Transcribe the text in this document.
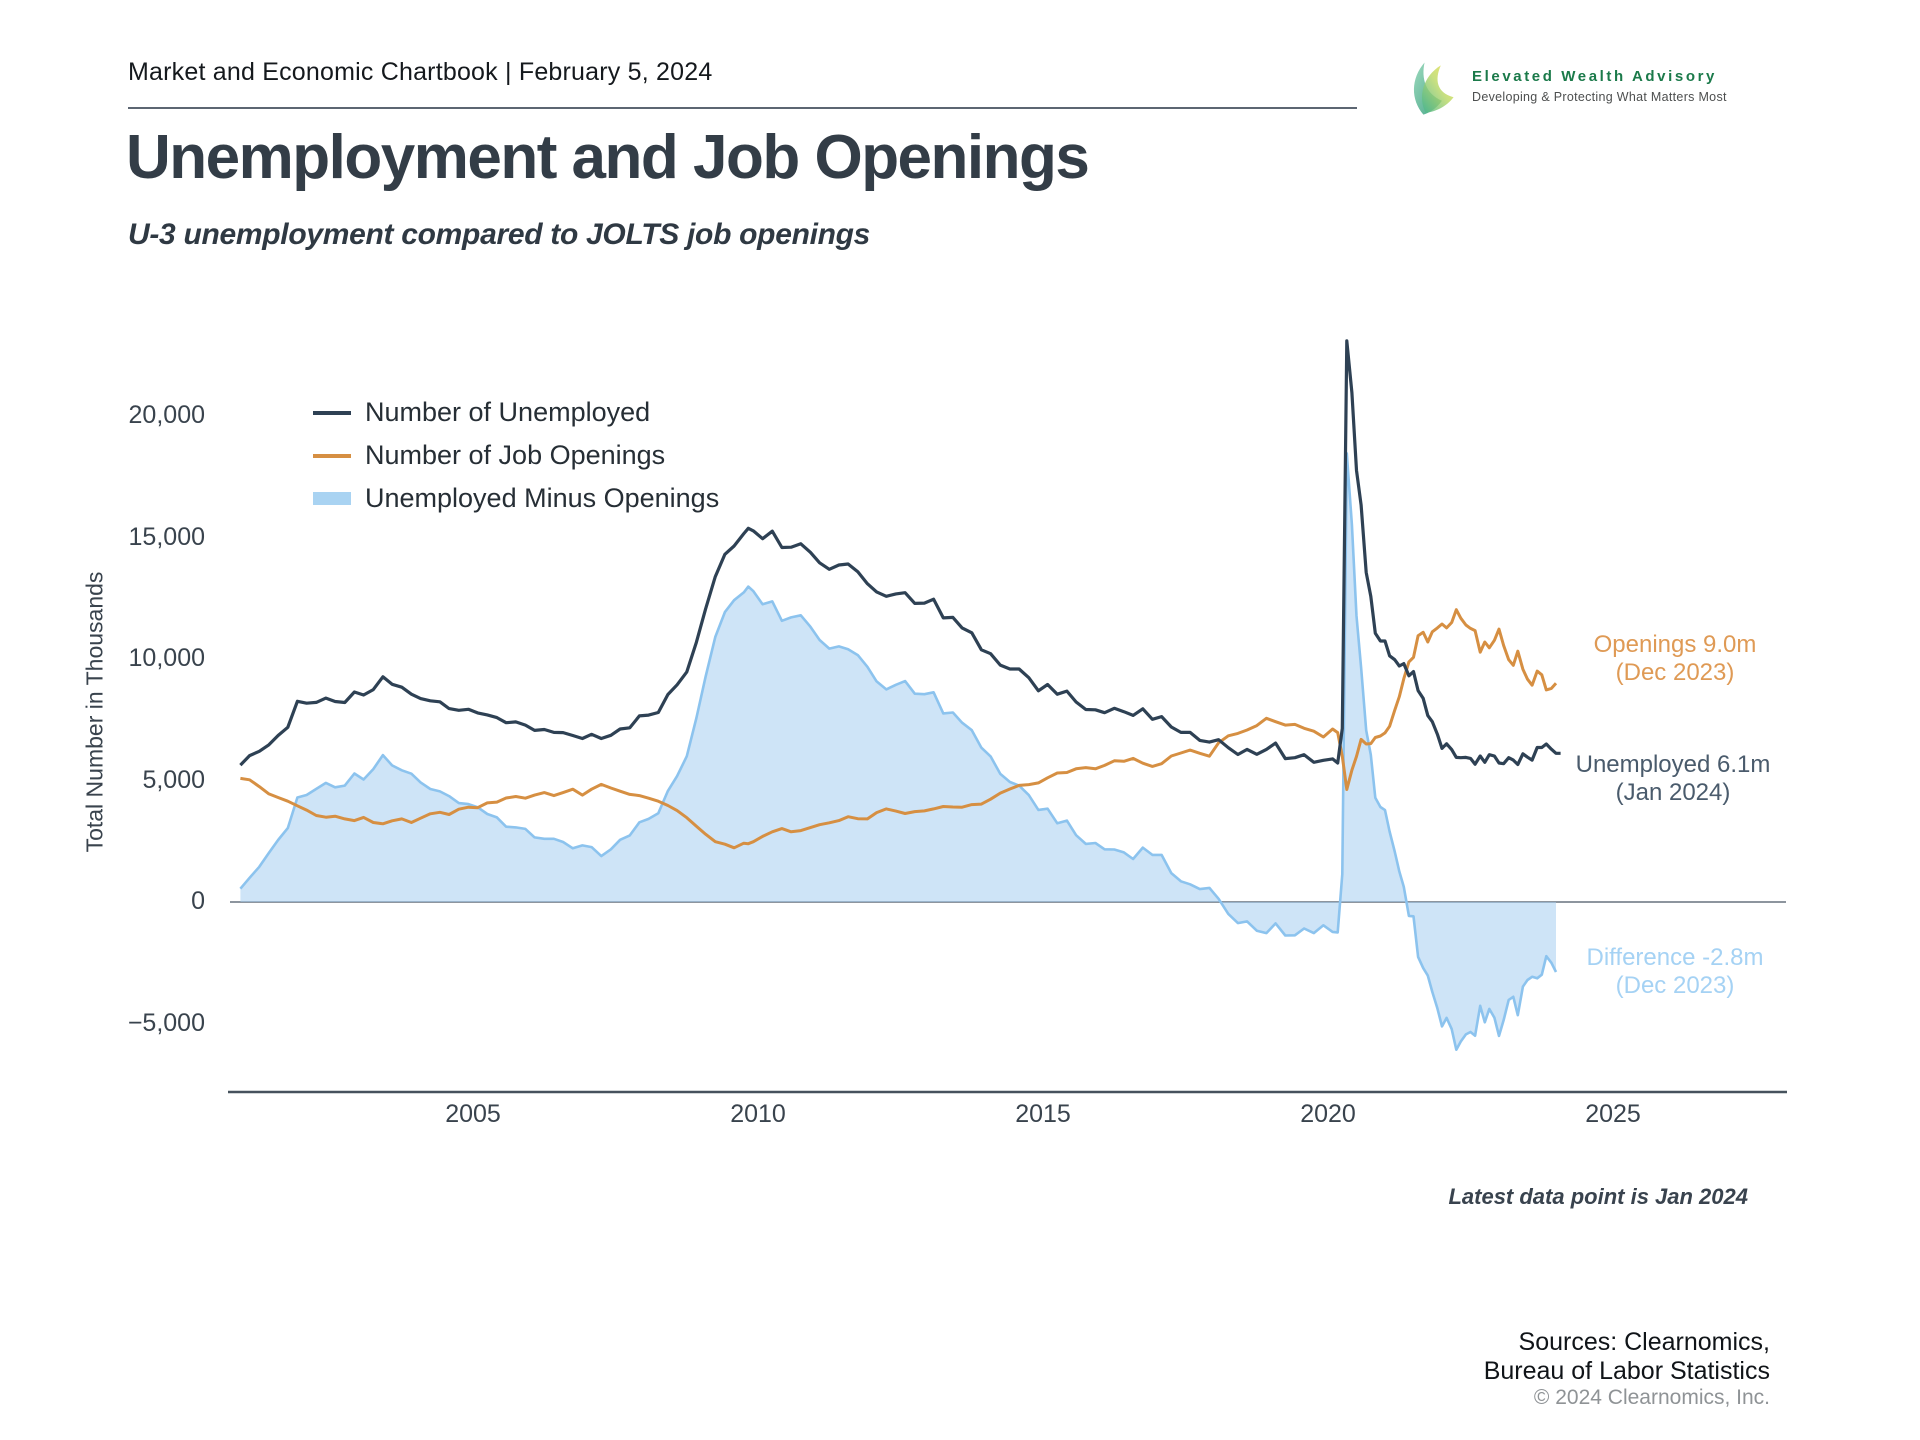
Market and Economic Chartbook | February 5, 2024	Elevated Wealth Advisory
Developing & Protecting What Matters Most
Unemployment and Job Openings
U-3 unemployment compared to JOLTS job openings
Total Number in Thousands
20,000
15,000
10,000
5,000
0
−5,000
2005	2010	2015	2020	2025
Number of Unemployed
Number of Job Openings
Unemployed Minus Openings
Openings 9.0m
(Dec 2023)
Unemployed 6.1m
(Jan 2024)
Difference -2.8m
(Dec 2023)
Latest data point is Jan 2024
Sources: Clearnomics,
Bureau of Labor Statistics
© 2024 Clearnomics, Inc.
